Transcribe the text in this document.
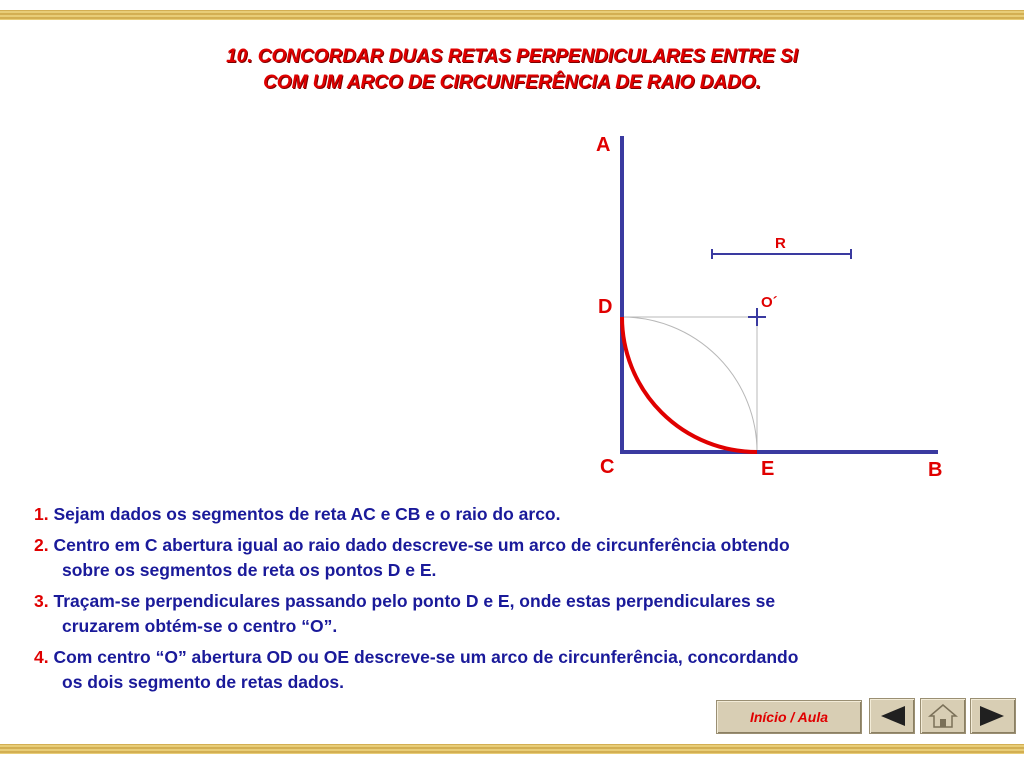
10. CONCORDAR DUAS RETAS PERPENDICULARES ENTRE SI
COM UM ARCO DE CIRCUNFERÊNCIA DE RAIO DADO.
A
D
C	E	B
R
O´
1. Sejam dados os segmentos de reta AC e CB e o raio do arco.
2. Centro em C abertura igual ao raio dado descreve-se um arco de circunferência obtendo
sobre os segmentos de reta os pontos D e E.
3. Traçam-se perpendiculares passando pelo ponto D e E, onde estas perpendiculares se
cruzarem obtém-se o centro “O”.
4. Com centro “O” abertura OD ou OE descreve-se um arco de circunferência, concordando
os dois segmento de retas dados.
Início / Aula
